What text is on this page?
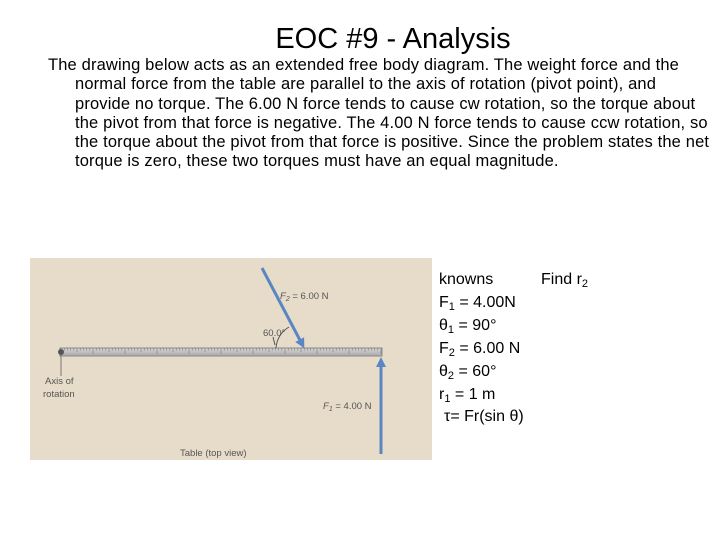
EOC #9 - Analysis
The drawing below acts as an extended free body diagram. The weight force and the normal force from the table are parallel to the axis of rotation (pivot point), and provide no torque. The 6.00 N force tends to cause cw rotation, so the torque about the pivot from that force is negative. The 4.00 N force tends to cause ccw rotation, so the torque about the pivot from that force is positive. Since the problem states the net torque is zero, these two torques must have an equal magnitude.
$F_2 = 6.00$ N
60.0°
$F_1 = 4.00$ N
Axis of
rotation
Table (top view)
knowns
$F_1 = 4.00N$
$\theta_1 = 90^\circ$
$F_2 = 6.00$ N
$\theta_2 = 60^\circ$
$r_1 = 1$ m
Find $r_2$
τ= Fr(sin θ)
